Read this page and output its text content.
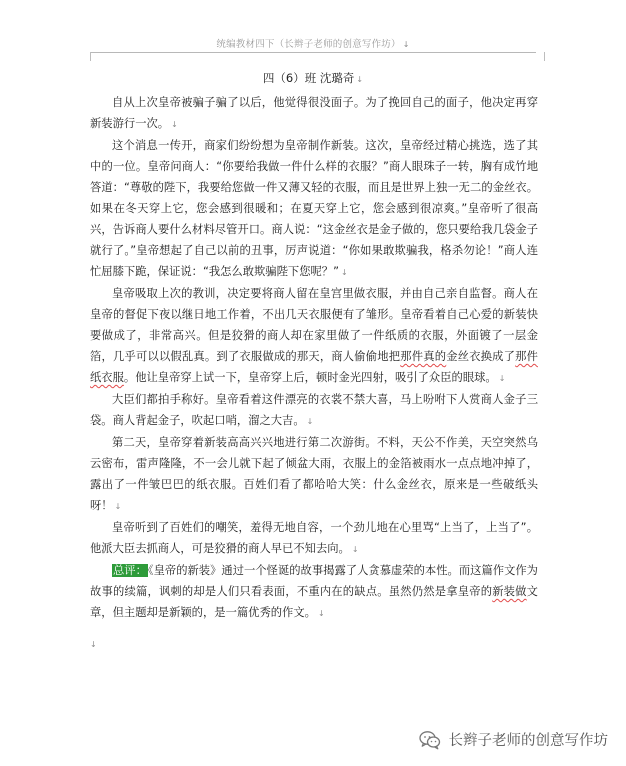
统编教材四下（长辫子老师的创意写作坊） ↓
四（6）班 沈璐奇 ↓

自从上次皇帝被骗子骗了以后，他觉得很没面子。为了挽回自己的面子，他决定再穿新装游行一次。 ↓

这个消息一传开，商家们纷纷想为皇帝制作新装。这次，皇帝经过精心挑选，选了其中的一位。皇帝问商人：“你要给我做一件什么样的衣服？”商人眼珠子一转，胸有成竹地答道：“尊敬的陛下，我要给您做一件又薄又轻的衣服，而且是世界上独一无二的金丝衣。如果在冬天穿上它，您会感到很暖和；在夏天穿上它，您会感到很凉爽。”皇帝听了很高兴，告诉商人要什么材料尽管开口。商人说：“这金丝衣是金子做的，您只要给我几袋金子就行了。”皇帝想起了自己以前的丑事，厉声说道：“你如果敢欺骗我，格杀勿论！”商人连忙屈膝下跪，保证说：“我怎么敢欺骗陛下您呢？” ↓

皇帝吸取上次的教训，决定要将商人留在皇宫里做衣服，并由自己亲自监督。商人在皇帝的督促下夜以继日地工作着，不出几天衣服便有了雏形。皇帝看着自己心爱的新装快要做成了，非常高兴。但是狡猾的商人却在家里做了一件纸质的衣服，外面镀了一层金箔，几乎可以以假乱真。到了衣服做成的那天，商人偷偷地把那件真的金丝衣换成了那件纸衣服。他让皇帝穿上试一下，皇帝穿上后，顿时金光四射，吸引了众臣的眼球。 ↓

大臣们都拍手称好。皇帝看着这件漂亮的衣裳不禁大喜，马上吩咐下人赏商人金子三袋。商人背起金子，吹起口哨，溜之大吉。 ↓

第二天，皇帝穿着新装高高兴兴地进行第二次游街。不料，天公不作美，天空突然乌云密布，雷声隆隆，不一会儿就下起了倾盆大雨，衣服上的金箔被雨水一点点地冲掉了，露出了一件皱巴巴的纸衣服。百姓们看了都哈哈大笑：什么金丝衣，原来是一些破纸头呀！ ↓

皇帝听到了百姓们的嘲笑，羞得无地自容，一个劲儿地在心里骂“上当了，上当了”。他派大臣去抓商人，可是狡猾的商人早已不知去向。 ↓

总评：《皇帝的新装》通过一个怪诞的故事揭露了人贪慕虚荣的本性。而这篇作文作为故事的续篇，讽刺的却是人们只看表面，不重内在的缺点。虽然仍然是拿皇帝的新装做文章，但主题却是新颖的，是一篇优秀的作文。 ↓

↓
长辫子老师的创意写作坊
